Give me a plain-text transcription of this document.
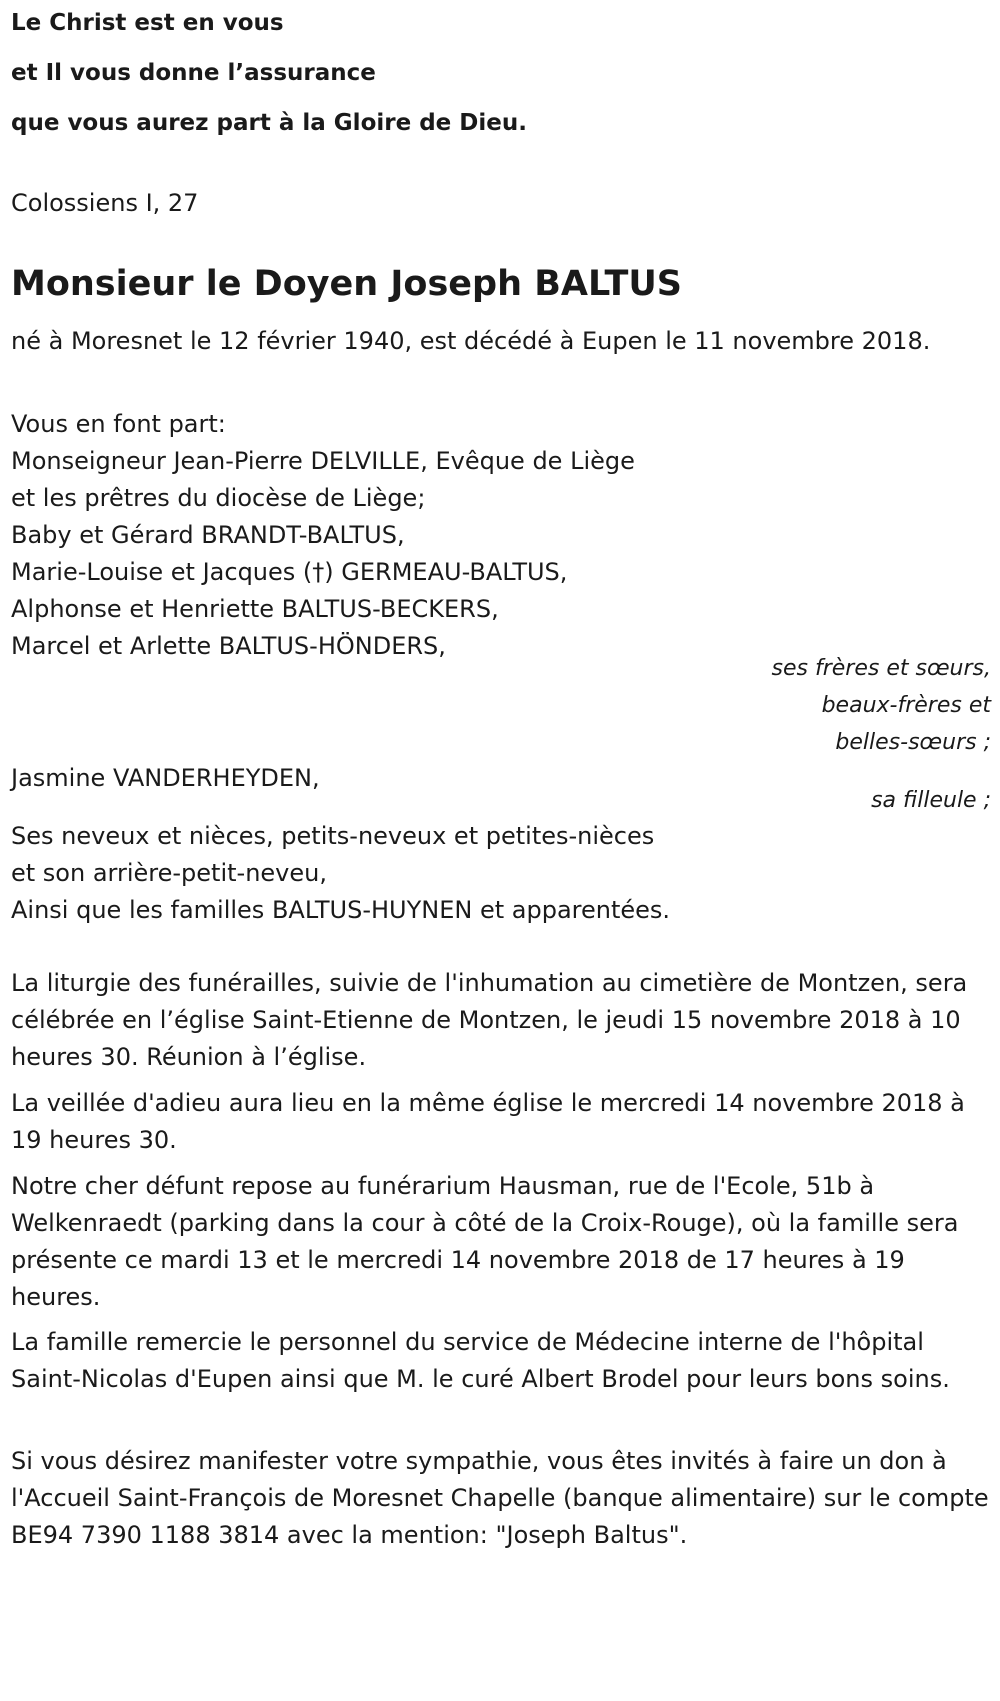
Le Christ est en vous
et Il vous donne l’assurance
que vous aurez part à la Gloire de Dieu.
Colossiens I, 27
Monsieur le Doyen Joseph BALTUS

né à Moresnet le 12 février 1940, est décédé à Eupen le 11 novembre 2018.

Vous en font part:
Monseigneur Jean-Pierre DELVILLE, Evêque de Liège
et les prêtres du diocèse de Liège;
Baby et Gérard BRANDT-BALTUS,
Marie-Louise et Jacques (†) GERMEAU-BALTUS,
Alphonse et Henriette BALTUS-BECKERS,
Marcel et Arlette BALTUS-HÖNDERS,
ses frères et sœurs,
beaux-frères et
belles-sœurs ;
Jasmine VANDERHEYDEN,
sa filleule ;
Ses neveux et nièces, petits-neveux et petites-nièces
et son arrière-petit-neveu,
Ainsi que les familles BALTUS-HUYNEN et apparentées.

La liturgie des funérailles, suivie de l'inhumation au cimetière de Montzen, sera célébrée en l’église Saint-Etienne de Montzen, le jeudi 15 novembre 2018 à 10 heures 30. Réunion à l’église.

La veillée d'adieu aura lieu en la même église le mercredi 14 novembre 2018 à 19 heures 30.

Notre cher défunt repose au funérarium Hausman, rue de l'Ecole, 51b à Welkenraedt (parking dans la cour à côté de la Croix-Rouge), où la famille sera présente ce mardi 13 et le mercredi 14 novembre 2018 de 17 heures à 19 heures.

La famille remercie le personnel du service de Médecine interne de l'hôpital Saint-Nicolas d'Eupen ainsi que M. le curé Albert Brodel pour leurs bons soins.

Si vous désirez manifester votre sympathie, vous êtes invités à faire un don à l'Accueil Saint-François de Moresnet Chapelle (banque alimentaire) sur le compte BE94 7390 1188 3814 avec la mention: "Joseph Baltus".
